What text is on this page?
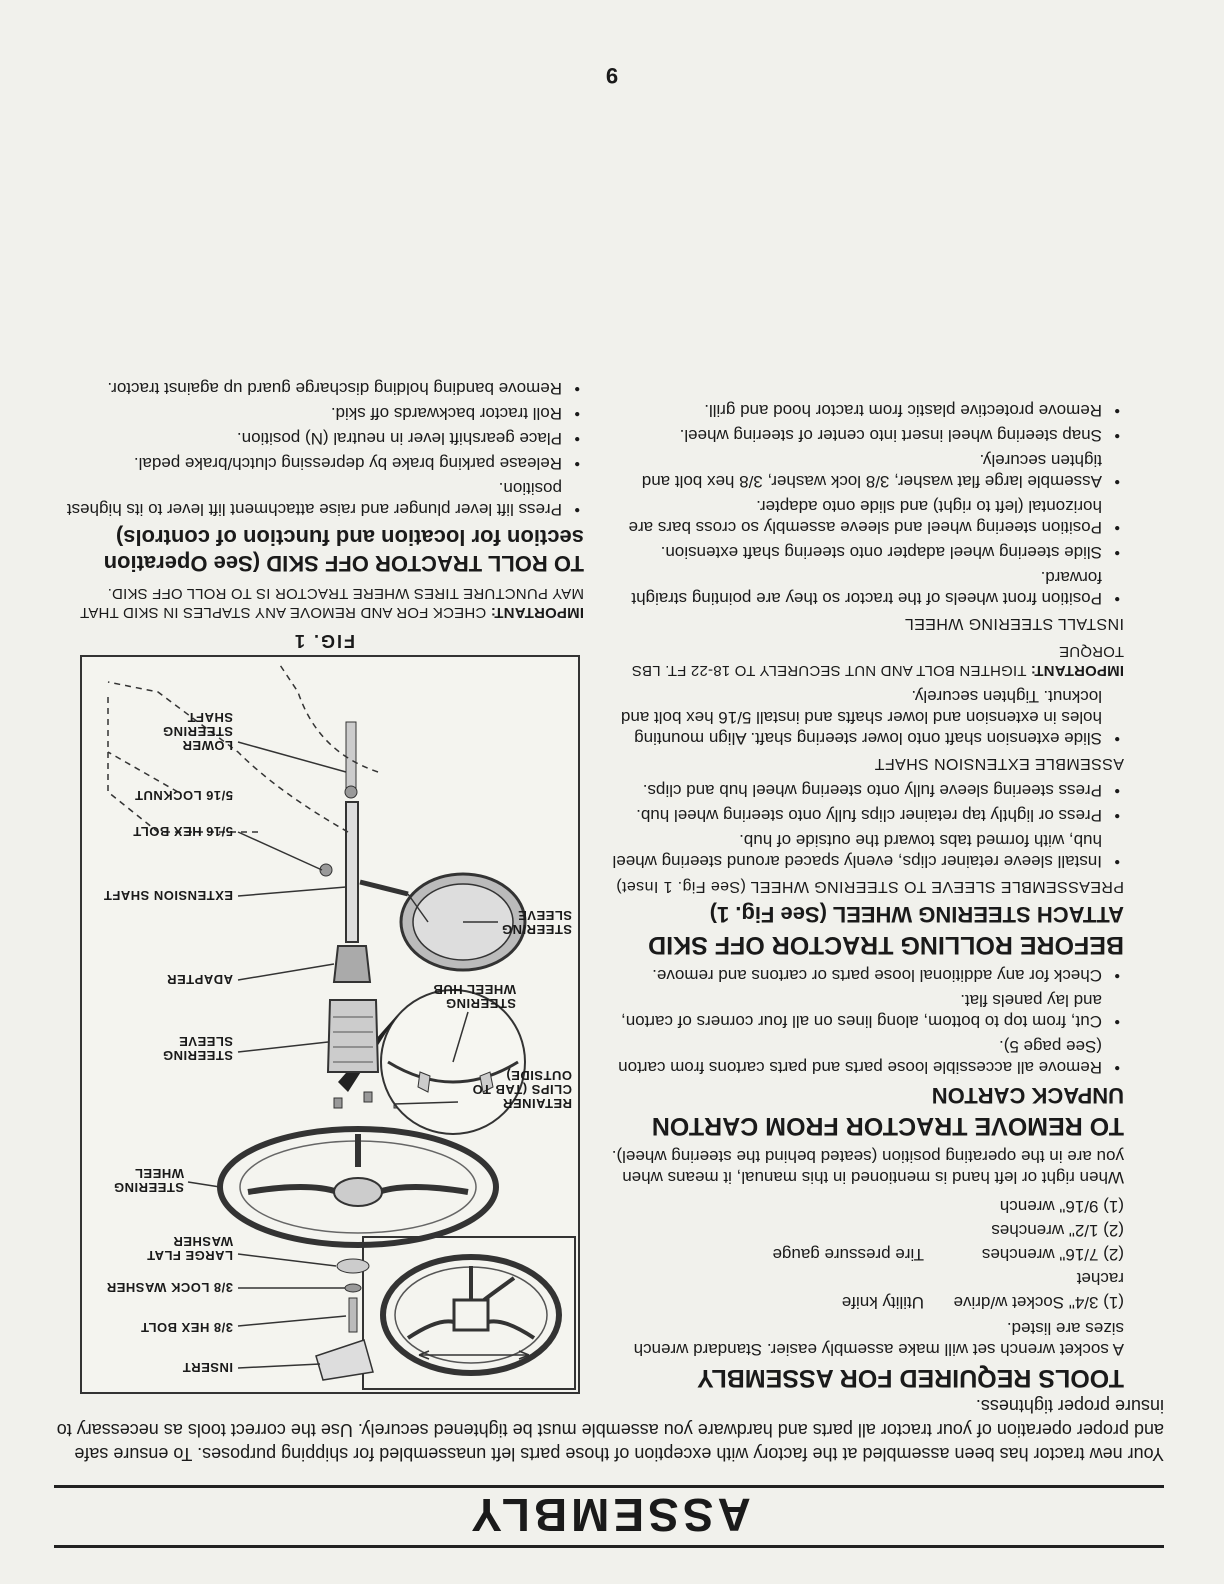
ASSEMBLY

Your new tractor has been assembled at the factory with exception of those parts left unassembled for shipping purposes. To ensure safe and proper operation of your tractor all parts and hardware you assemble must be tightened securely. Use the correct tools as necessary to insure proper tightness.

TOOLS REQUIRED FOR ASSEMBLY

A socket wrench set will make assembly easier. Standard wrench sizes are listed.

(1) 3/4" Socket w/drive rachet
Utility knife
(2) 7/16" wrenches
Tire pressure gauge
(2) 1/2" wrenches
(1) 9/16" wrench

When right or left hand is mentioned in this manual, it means when you are in the operating position (seated behind the steering wheel).

TO REMOVE TRACTOR FROM CARTON
UNPACK CARTON
• Remove all accessible loose parts and parts cartons from carton (See page 5).
• Cut, from top to bottom, along lines on all four corners of carton, and lay panels flat.
• Check for any additional loose parts or cartons and remove.
BEFORE ROLLING TRACTOR OFF SKID
ATTACH STEERING WHEEL (See Fig. 1)

PREASSEMBLE SLEEVE TO STEERING WHEEL (See Fig. 1 Inset)

• Install sleeve retainer clips, evenly spaced around steering wheel hub, with formed tabs toward the outside of hub.
• Press or lightly tap retainer clips fully onto steering wheel hub.
• Press steering sleeve fully onto steering wheel hub and clips.

ASSEMBLE EXTENSION SHAFT

• Slide extension shaft onto lower steering shaft. Align mounting holes in extension and lower shafts and install 5/16 hex bolt and locknut. Tighten securely.

IMPORTANT: TIGHTEN BOLT AND NUT SECURELY TO 18-22 FT. LBS TORQUE

INSTALL STEERING WHEEL

• Position front wheels of the tractor so they are pointing straight forward.
• Slide steering wheel adapter onto steering shaft extension.
• Position steering wheel and sleeve assembly so cross bars are horizontal (left to right) and slide onto adapter.
• Assemble large flat washer, 3/8 lock washer, 3/8 hex bolt and tighten securely.
• Snap steering wheel insert into center of steering wheel.
• Remove protective plastic from tractor hood and grill.
INSERT
3/8 HEX BOLT
3/8 LOCK WASHER
LARGE FLAT WASHER
STEERING WHEEL
RETAINER CLIPS (TAB TO OUTSIDE)
STEERING SLEEVE
STEERING WHEEL HUB
ADAPTER
EXTENSION SHAFT
5/16 HEX BOLT
STEERING SLEEVE
5/16 LOCKNUT
LOWER STEERING SHAFT
FIG. 1

IMPORTANT: CHECK FOR AND REMOVE ANY STAPLES IN SKID THAT MAY PUNCTURE TIRES WHERE TRACTOR IS TO ROLL OFF SKID.

TO ROLL TRACTOR OFF SKID (See Operation section for location and function of controls)
• Press lift lever plunger and raise attachment lift lever to its highest position.
• Release parking brake by depressing clutch/brake pedal.
• Place gearshift lever in neutral (N) position.
• Roll tractor backwards off skid.
• Remove banding holding discharge guard up against tractor.
9
